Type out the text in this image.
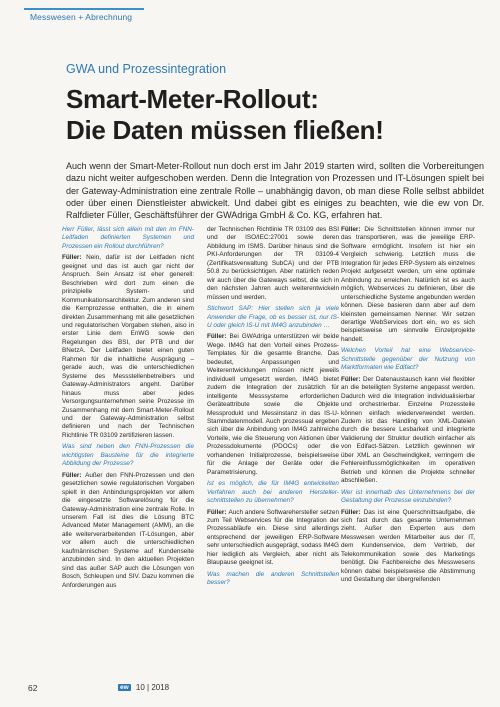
Messwesen + Abrechnung
GWA und Prozessintegration
Smart-Meter-Rollout:
Die Daten müssen fließen!
Auch wenn der Smart-Meter-Rollout nun doch erst im Jahr 2019 starten wird, sollten die Vorbereitungen dazu nicht weiter aufgeschoben werden. Denn die Integration von Prozessen und IT-Lösungen spielt bei der Gateway-Administration eine zentrale Rolle – unabhängig davon, ob man diese Rolle selbst abbildet oder über einen Dienstleister abwickelt. Und dabei gibt es einiges zu beachten, wie die ew von Dr. Ralfdieter Füller, Geschäftsführer der GWAdriga GmbH & Co. KG, erfahren hat.

Herr Füller, lässt sich allein mit den im FNN-Leitfaden definierten Systemen und Prozessen ein Rollout durchführen?

Füller: Nein, dafür ist der Leitfaden nicht geeignet und das ist auch gar nicht der Anspruch. Sein Ansatz ist eher generell: Beschrieben wird dort zum einen die prinzipielle System- und Kommunikationsarchitektur. Zum anderen sind die Kernprozesse enthalten, die in einem direkten Zusammenhang mit alle gesetzlichen und regulatorischen Vorgaben stehen, also in erster Linie dem EnWG sowie den Regelungen des BSI, der PTB und der BNetzA. Der Leitfaden bietet einen guten Rahmen für die inhaltliche Ausprägung – gerade auch, was die unterschiedlichen Systeme des Messstellenbetreibers und Gateway-Administrators angeht. Darüber hinaus muss aber jedes Versorgungsunternehmen seine Prozesse im Zusammenhang mit dem Smart-Meter-Rollout und der Gateway-Administration selbst definieren und nach der Technischen Richtlinie TR 03109 zertifizieren lassen.

Was sind neben den FNN-Prozessen die wichtigsten Bausteine für die integrierte Abbildung der Prozesse?

Füller: Außer den FNN-Prozessen und den gesetzlichen sowie regulatorischen Vorgaben spielt in den Anbindungsprojekten vor allem die eingesetzte Softwarelösung für die Gateway-Administration eine zentrale Rolle. In unserem Fall ist dies die Lösung BTC Advanced Meter Management (AMM), an die alle weiterverarbeitenden IT-Lösungen, aber vor allem auch die unterschiedlichen kaufmännischen Systeme auf Kundenseite anzubinden sind. In den aktuellen Projekten sind das außer SAP auch die Lösungen von Bosch, Schleupen und SIV. Dazu kommen die Anforderungen aus

der Technischen Richtlinie TR 03109 des BSI und der ISO/IEC:27001 sowie deren Abbildung im ISMS. Darüber hinaus sind die PKI-Anforderungen der TR 03109-4 (Zertifikatsverwaltung SubCA) und der PTB 50.8 zu berücksichtigen. Aber natürlich reden wir auch über die Gateways selbst, die sich in den nächsten Jahren auch weiterentwickeln müssen und werden.

Stichwort SAP: Hier stellen sich ja viele Anwender die Frage, ob es besser ist, nur IS-U oder gleich IS-U mit IM4G anzubinden …

Füller: Bei GWAdriga unterstützen wir beide Wege. IM4G hat den Vorteil eines Prozess-Templates für die gesamte Branche. Das bedeutet, Anpassungen und Weiterentwicklungen müssen nicht jeweils individuell umgesetzt werden. IM4G bietet zudem die Integration der zusätzlich für intelligente Messsysteme erforderlichen Geräteattribute sowie die Objekte Messprodukt und Messinstanz in das IS-U-Stammdatenmodell. Auch prozessual ergeben sich über die Anbindung von IM4G zahlreiche Vorteile, wie die Steuerung von Aktionen über Prozessdokumente (PDOCs) oder die vorhandenen Initialprozesse, beispielsweise für die Anlage der Geräte oder die Parametrisierung.

Ist es möglich, die für IM4G entwickelten Verfahren auch bei anderen Hersteller-schnittstellen zu übernehmen?

Füller: Auch andere Softwarehersteller setzen zum Teil Webservices für die Integration der Prozessabläufe ein. Diese sind allerdings entsprechend der jeweiligen ERP-Software sehr unterschiedlich ausgeprägt, sodass IM4G hier lediglich als Vergleich, aber nicht als Blaupause geeignet ist.

Was machen die anderen Schnittstellen besser?

Füller: Die Schnittstellen können immer nur das transportieren, was die jeweilige ERP-Software ermöglicht. Insofern ist hier ein Vergleich schwierig. Letztlich muss die Integration für jedes ERP-System als einzelnes Projekt aufgesetzt werden, um eine optimale Anbindung zu erreichen. Natürlich ist es auch möglich, Webservices zu definieren, über die unterschiedliche Systeme angebunden werden können. Diese basieren dann aber auf dem kleinsten gemeinsamen Nenner. Wir setzen derartige WebServices dort ein, wo es sich beispielsweise um sinnvolle Einzelprojekte handelt.

Welchen Vorteil hat eine Webservice-Schnittstelle gegenüber der Nutzung von Marktformaten wie Edifact?

Füller: Der Datenaustausch kann viel flexibler an die beteiligten Systeme angepasst werden. Dadurch wird die Integration individualisierbar und orchestrierbar. Einzelne Prozessteile können einfach wiederverwendet werden. Zudem ist das Handling von XML-Dateien durch die bessere Lesbarkeit und integrierte Validierung der Struktur deutlich einfacher als von Edifact-Sätzen. Letztlich gewinnen wir über XML an Geschwindigkeit, verringern die Fehlereinflussmöglichkeiten im operativen Betrieb und können die Projekte schneller abschließen.

Wer ist innerhalb des Unternehmens bei der Gestaltung der Prozesse einzubinden?

Füller: Das ist eine Querschnittsaufgabe, die sich fast durch das gesamte Unternehmen zieht. Außer den Experten aus dem Messwesen werden Mitarbeiter aus der IT, dem Kundenservice, dem Vertrieb, der Telekommunikation sowie des Marketings benötigt. Die Fachbereiche des Messwesens können dabei beispielsweise die Abstimmung und Gestaltung der übergreifenden

62	ew 10 | 2018
